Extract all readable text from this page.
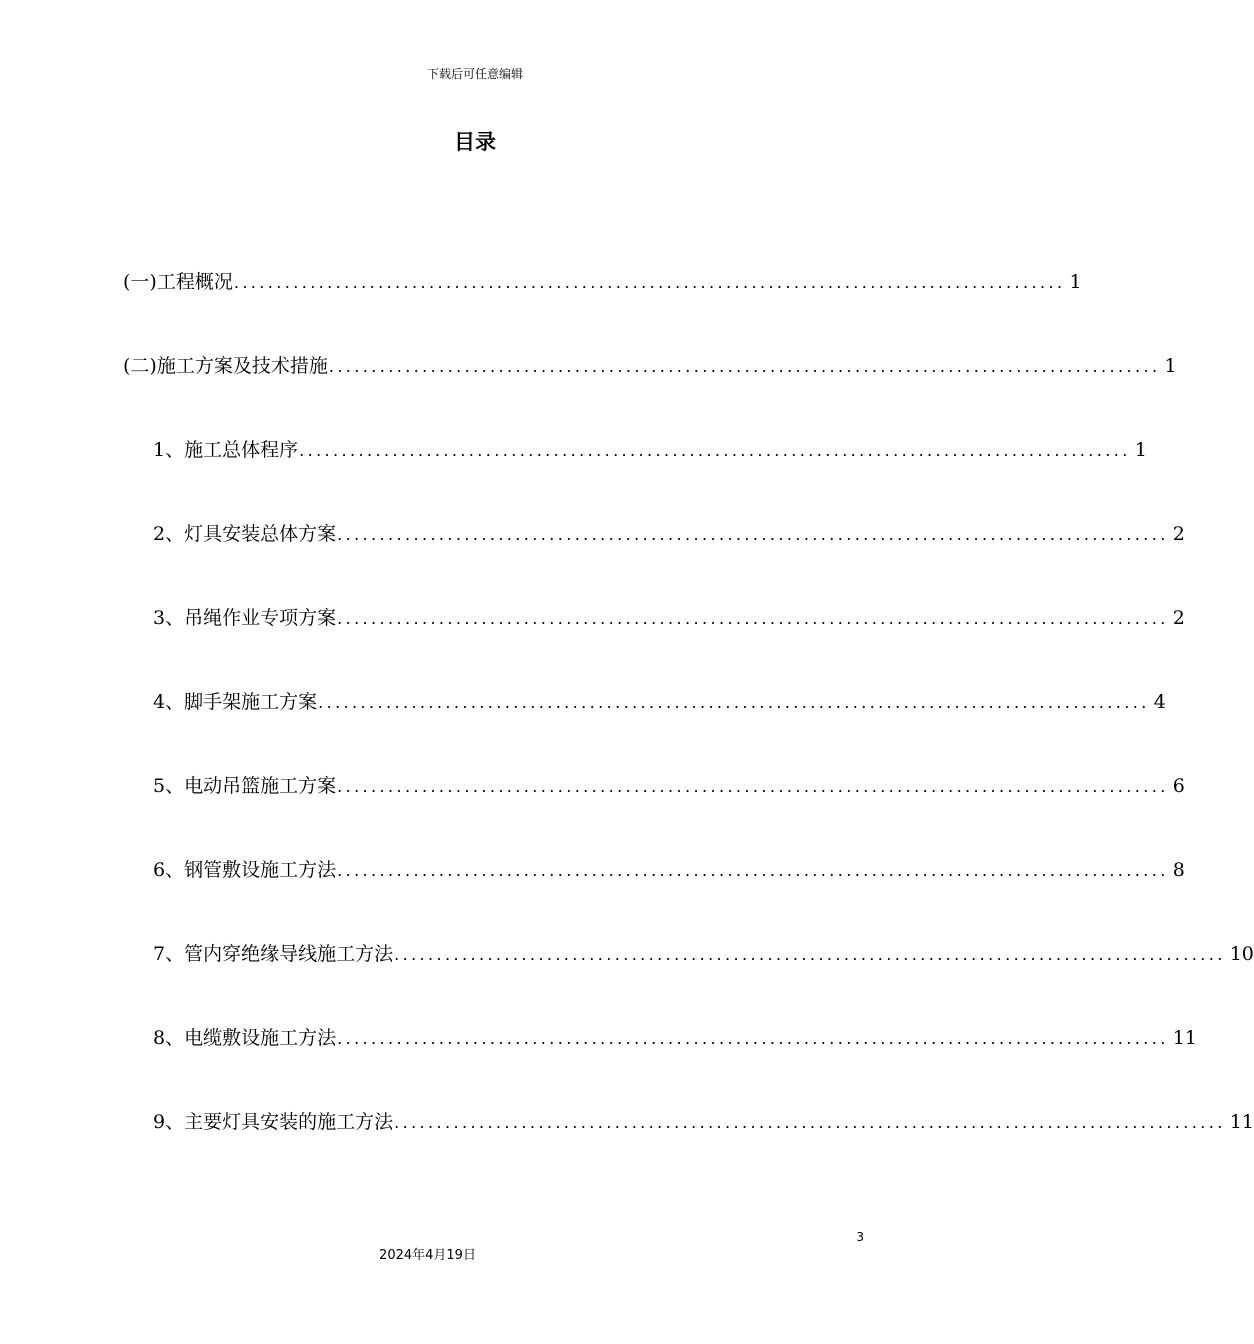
下载后可任意编辑
目录
(一)工程概况 .................................................................................................. 1
(二)施工方案及技术措施 .................................................................................................. 1
1、施工总体程序 .................................................................................................. 1
2、灯具安装总体方案 .................................................................................................. 2
3、吊绳作业专项方案 .................................................................................................. 2
4、脚手架施工方案 .................................................................................................. 4
5、电动吊篮施工方案 .................................................................................................. 6
6、钢管敷设施工方法 .................................................................................................. 8
7、管内穿绝缘导线施工方法 .................................................................................................. 10
8、电缆敷设施工方法 .................................................................................................. 11
9、主要灯具安装的施工方法 .................................................................................................. 11
3
2024年4月19日
